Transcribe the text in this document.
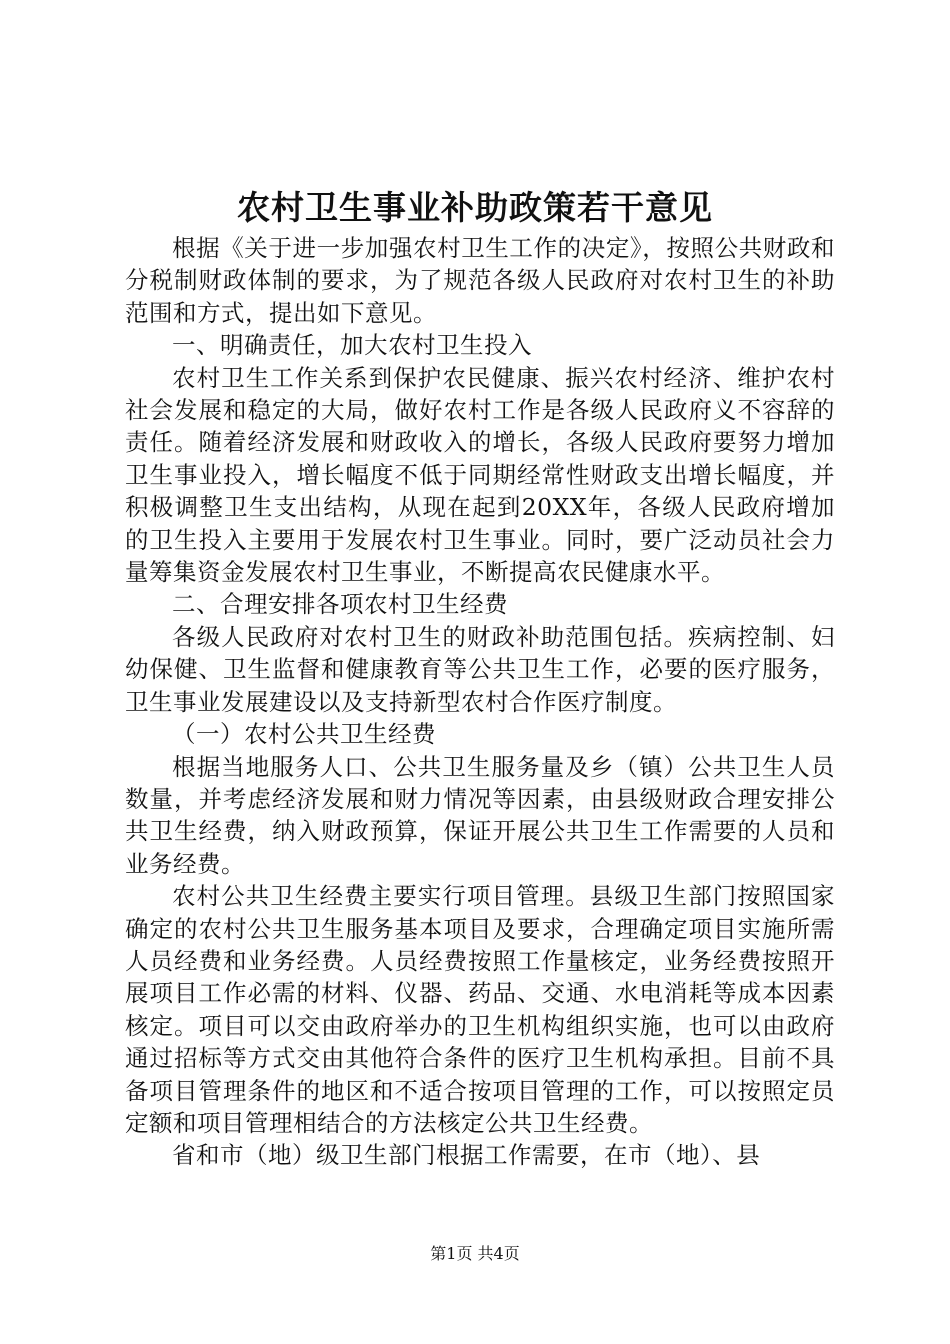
农村卫生事业补助政策若干意见

根据《关于进一步加强农村卫生工作的决定》，按照公共财政和分税制财政体制的要求，为了规范各级人民政府对农村卫生的补助范围和方式，提出如下意见。

一、明确责任，加大农村卫生投入

农村卫生工作关系到保护农民健康、振兴农村经济、维护农村社会发展和稳定的大局，做好农村工作是各级人民政府义不容辞的责任。随着经济发展和财政收入的增长，各级人民政府要努力增加卫生事业投入，增长幅度不低于同期经常性财政支出增长幅度，并积极调整卫生支出结构，从现在起到20XX年，各级人民政府增加的卫生投入主要用于发展农村卫生事业。同时，要广泛动员社会力量筹集资金发展农村卫生事业，不断提高农民健康水平。

二、合理安排各项农村卫生经费

各级人民政府对农村卫生的财政补助范围包括。疾病控制、妇幼保健、卫生监督和健康教育等公共卫生工作，必要的医疗服务，卫生事业发展建设以及支持新型农村合作医疗制度。

（一）农村公共卫生经费

根据当地服务人口、公共卫生服务量及乡（镇）公共卫生人员数量，并考虑经济发展和财力情况等因素，由县级财政合理安排公共卫生经费，纳入财政预算，保证开展公共卫生工作需要的人员和业务经费。

农村公共卫生经费主要实行项目管理。县级卫生部门按照国家确定的农村公共卫生服务基本项目及要求，合理确定项目实施所需人员经费和业务经费。人员经费按照工作量核定，业务经费按照开展项目工作必需的材料、仪器、药品、交通、水电消耗等成本因素核定。项目可以交由政府举办的卫生机构组织实施，也可以由政府通过招标等方式交由其他符合条件的医疗卫生机构承担。目前不具备项目管理条件的地区和不适合按项目管理的工作，可以按照定员定额和项目管理相结合的方法核定公共卫生经费。

省和市（地）级卫生部门根据工作需要，在市（地）、县

第1页 共4页
